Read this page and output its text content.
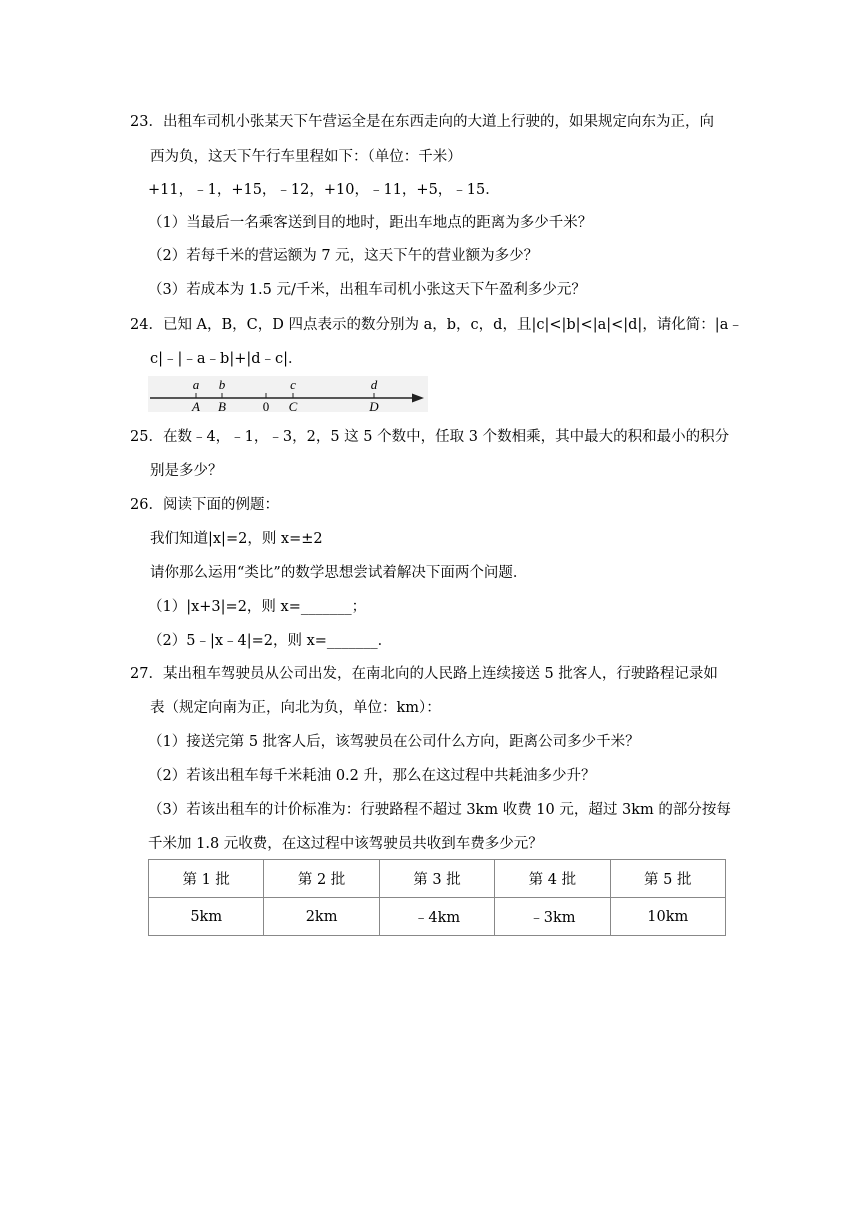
23．出租车司机小张某天下午营运全是在东西走向的大道上行驶的，如果规定向东为正，向
西为负，这天下午行车里程如下：（单位：千米）
+11，﹣1，+15，﹣12，+10，﹣11，+5，﹣15．
（1）当最后一名乘客送到目的地时，距出车地点的距离为多少千米？
（2）若每千米的营运额为 7 元，这天下午的营业额为多少？
（3）若成本为 1.5 元/千米，出租车司机小张这天下午盈利多少元？
24．已知 A，B，C，D 四点表示的数分别为 a，b，c，d，且|c|<|b|<|a|<|d|，请化简：|a﹣
c|﹣|﹣a﹣b|+|d﹣c|．
a b	c	d
A B	0 C	D
25．在数﹣4，﹣1，﹣3，2，5 这 5 个数中，任取 3 个数相乘，其中最大的积和最小的积分
别是多少？
26．阅读下面的例题：
我们知道|x|=2，则 x=±2
请你那么运用“类比”的数学思想尝试着解决下面两个问题．
（1）|x+3|=2，则 x=_______；
（2）5﹣|x﹣4|=2，则 x=_______．
27．某出租车驾驶员从公司出发，在南北向的人民路上连续接送 5 批客人，行驶路程记录如
表（规定向南为正，向北为负，单位：km）：
（1）接送完第 5 批客人后，该驾驶员在公司什么方向，距离公司多少千米？
（2）若该出租车每千米耗油 0.2 升，那么在这过程中共耗油多少升？
（3）若该出租车的计价标准为：行驶路程不超过 3km 收费 10 元，超过 3km 的部分按每
千米加 1.8 元收费，在这过程中该驾驶员共收到车费多少元？
第 1 批	第 2 批	第 3 批	第 4 批	第 5 批
5km	2km	﹣4km	﹣3km	10km
